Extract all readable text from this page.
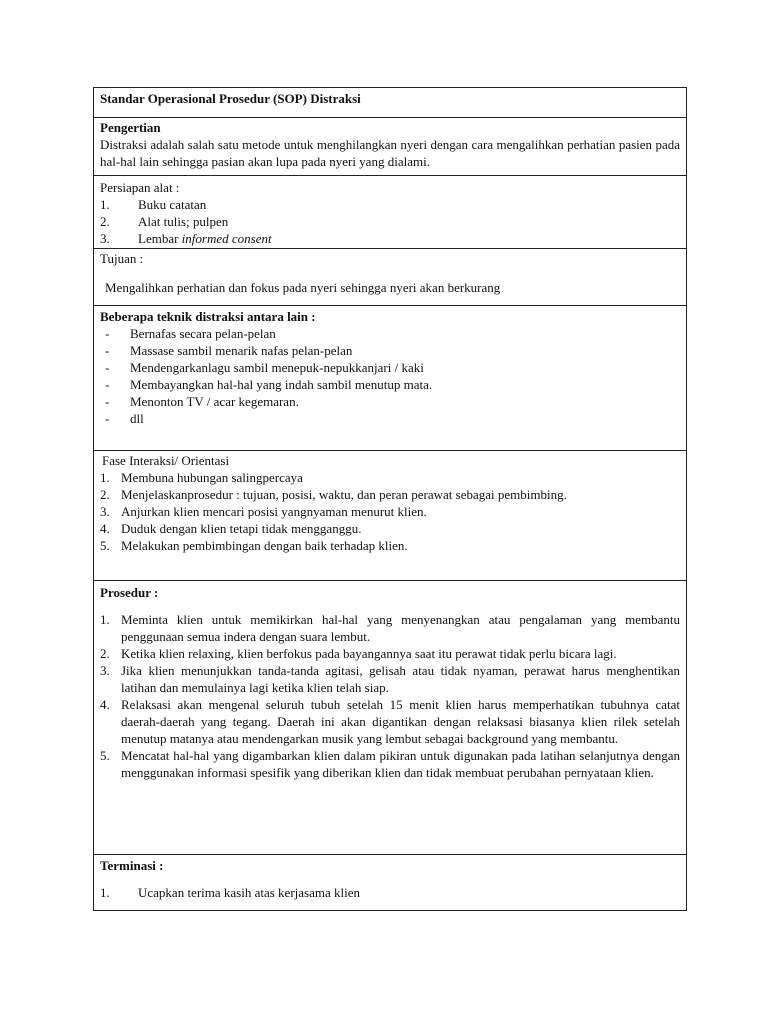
Standar Operasional Prosedur (SOP) Distraksi
Pengertian
Distraksi adalah salah satu metode untuk menghilangkan nyeri dengan cara mengalihkan perhatian pasien pada hal-hal lain sehingga pasian akan lupa pada nyeri yang dialami.
Persiapan alat :
1.	Buku catatan
2.	Alat tulis; pulpen
3.	Lembar informed consent
Tujuan :
Mengalihkan perhatian dan fokus pada nyeri sehingga nyeri akan berkurang
Beberapa teknik distraksi antara lain :
-	Bernafas secara pelan-pelan
-	Massase sambil menarik nafas pelan-pelan
-	Mendengarkanlagu sambil menepuk-nepukkanjari / kaki
-	Membayangkan hal-hal yang indah sambil menutup mata.
-	Menonton TV / acar kegemaran.
-	dll
Fase Interaksi/ Orientasi
1. Membuna hubungan salingpercaya
2. Menjelaskanprosedur : tujuan, posisi, waktu, dan peran perawat sebagai pembimbing.
3. Anjurkan klien mencari posisi yangnyaman menurut klien.
4. Duduk dengan klien tetapi tidak mengganggu.
5. Melakukan pembimbingan dengan baik terhadap klien.
Prosedur :
1. Meminta klien untuk memikirkan hal-hal yang menyenangkan atau pengalaman yang membantu penggunaan semua indera dengan suara lembut.
2. Ketika klien relaxing, klien berfokus pada bayangannya saat itu perawat tidak perlu bicara lagi.
3. Jika klien menunjukkan tanda-tanda agitasi, gelisah atau tidak nyaman, perawat harus menghentikan latihan dan memulainya lagi ketika klien telah siap.
4. Relaksasi akan mengenal seluruh tubuh setelah 15 menit klien harus memperhatikan tubuhnya catat daerah-daerah yang tegang. Daerah ini akan digantikan dengan relaksasi biasanya klien rilek setelah menutup matanya atau mendengarkan musik yang lembut sebagai background yang membantu.
5. Mencatat hal-hal yang digambarkan klien dalam pikiran untuk digunakan pada latihan selanjutnya dengan menggunakan informasi spesifik yang diberikan klien dan tidak membuat perubahan pernyataan klien.
Terminasi :
1.	Ucapkan terima kasih atas kerjasama klien
